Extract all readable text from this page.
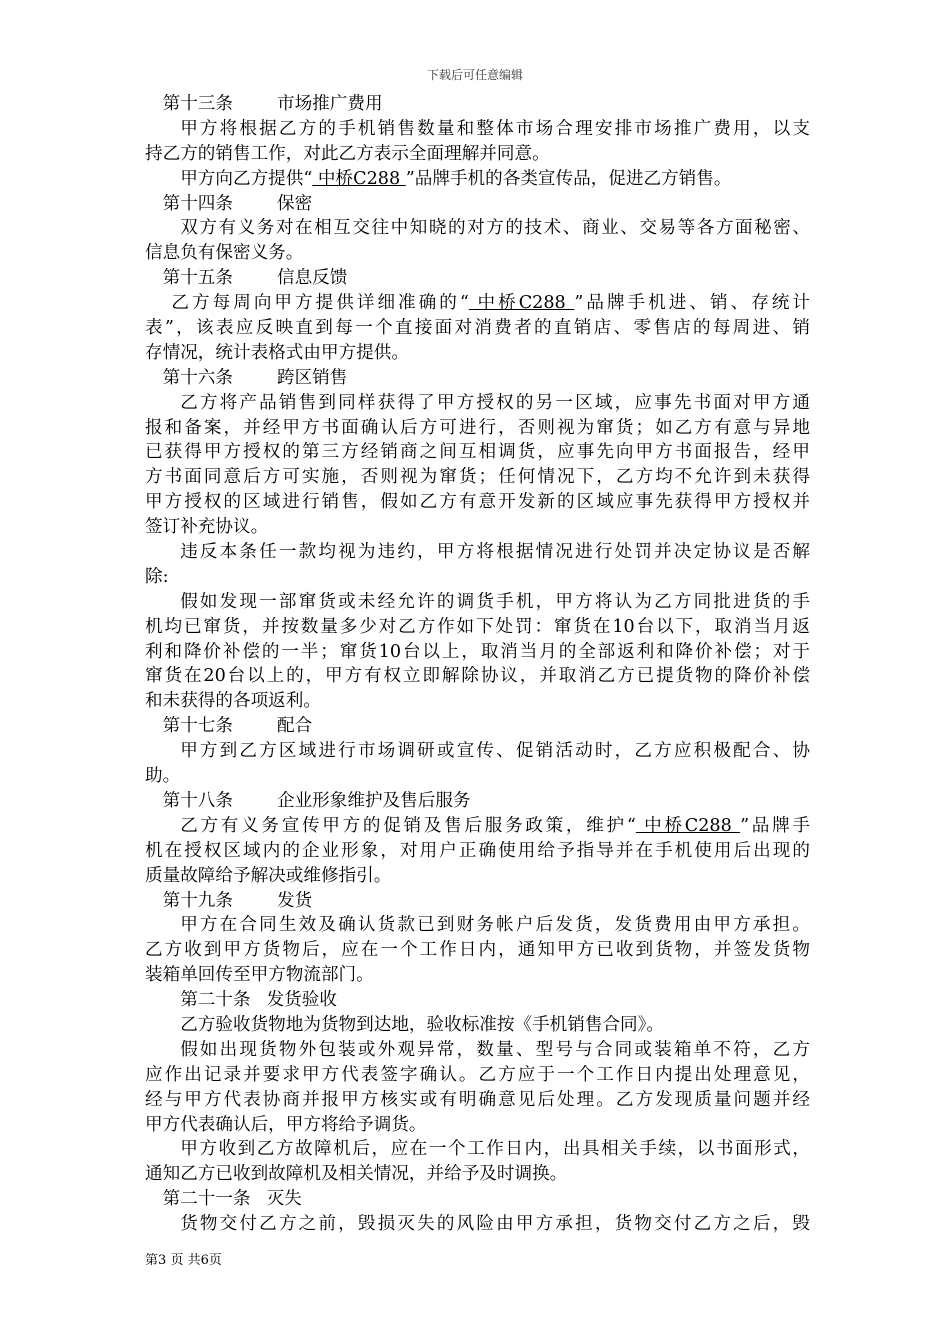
下载后可任意编辑
第十三条	市场推广费用
甲方将根据乙方的手机销售数量和整体市场合理安排市场推广费用，以支
持乙方的销售工作，对此乙方表示全面理解并同意。
甲方向乙方提供“ 中桥C288 ”品牌手机的各类宣传品，促进乙方销售。
第十四条	保密
双方有义务对在相互交往中知晓的对方的技术、商业、交易等各方面秘密、
信息负有保密义务。
第十五条	信息反馈
乙方每周向甲方提供详细准确的“ 中桥C288 ”品牌手机进、销、存统计
表”，该表应反映直到每一个直接面对消费者的直销店、零售店的每周进、销
存情况，统计表格式由甲方提供。
第十六条	跨区销售
乙方将产品销售到同样获得了甲方授权的另一区域，应事先书面对甲方通
报和备案，并经甲方书面确认后方可进行，否则视为窜货；如乙方有意与异地
已获得甲方授权的第三方经销商之间互相调货，应事先向甲方书面报告，经甲
方书面同意后方可实施，否则视为窜货；任何情况下，乙方均不允许到未获得
甲方授权的区域进行销售，假如乙方有意开发新的区域应事先获得甲方授权并
签订补充协议。
违反本条任一款均视为违约，甲方将根据情况进行处罚并决定协议是否解
除:
假如发现一部窜货或未经允许的调货手机，甲方将认为乙方同批进货的手
机均已窜货，并按数量多少对乙方作如下处罚：窜货在10台以下，取消当月返
利和降价补偿的一半；窜货10台以上，取消当月的全部返利和降价补偿；对于
窜货在20台以上的，甲方有权立即解除协议，并取消乙方已提货物的降价补偿
和未获得的各项返利。
第十七条	配合
甲方到乙方区域进行市场调研或宣传、促销活动时，乙方应积极配合、协
助。
第十八条	企业形象维护及售后服务
乙方有义务宣传甲方的促销及售后服务政策，维护“ 中桥C288 ”品牌手
机在授权区域内的企业形象，对用户正确使用给予指导并在手机使用后出现的
质量故障给予解决或维修指引。
第十九条	发货
甲方在合同生效及确认货款已到财务帐户后发货，发货费用由甲方承担。
乙方收到甲方货物后，应在一个工作日内，通知甲方已收到货物，并签发货物
装箱单回传至甲方物流部门。
第二十条 发货验收
乙方验收货物地为货物到达地，验收标准按《手机销售合同》。
假如出现货物外包装或外观异常，数量、型号与合同或装箱单不符，乙方
应作出记录并要求甲方代表签字确认。乙方应于一个工作日内提出处理意见，
经与甲方代表协商并报甲方核实或有明确意见后处理。乙方发现质量问题并经
甲方代表确认后，甲方将给予调货。
甲方收到乙方故障机后，应在一个工作日内，出具相关手续，以书面形式，
通知乙方已收到故障机及相关情况，并给予及时调换。
第二十一条 灭失
货物交付乙方之前，毁损灭失的风险由甲方承担，货物交付乙方之后，毁
第3 页 共6页
